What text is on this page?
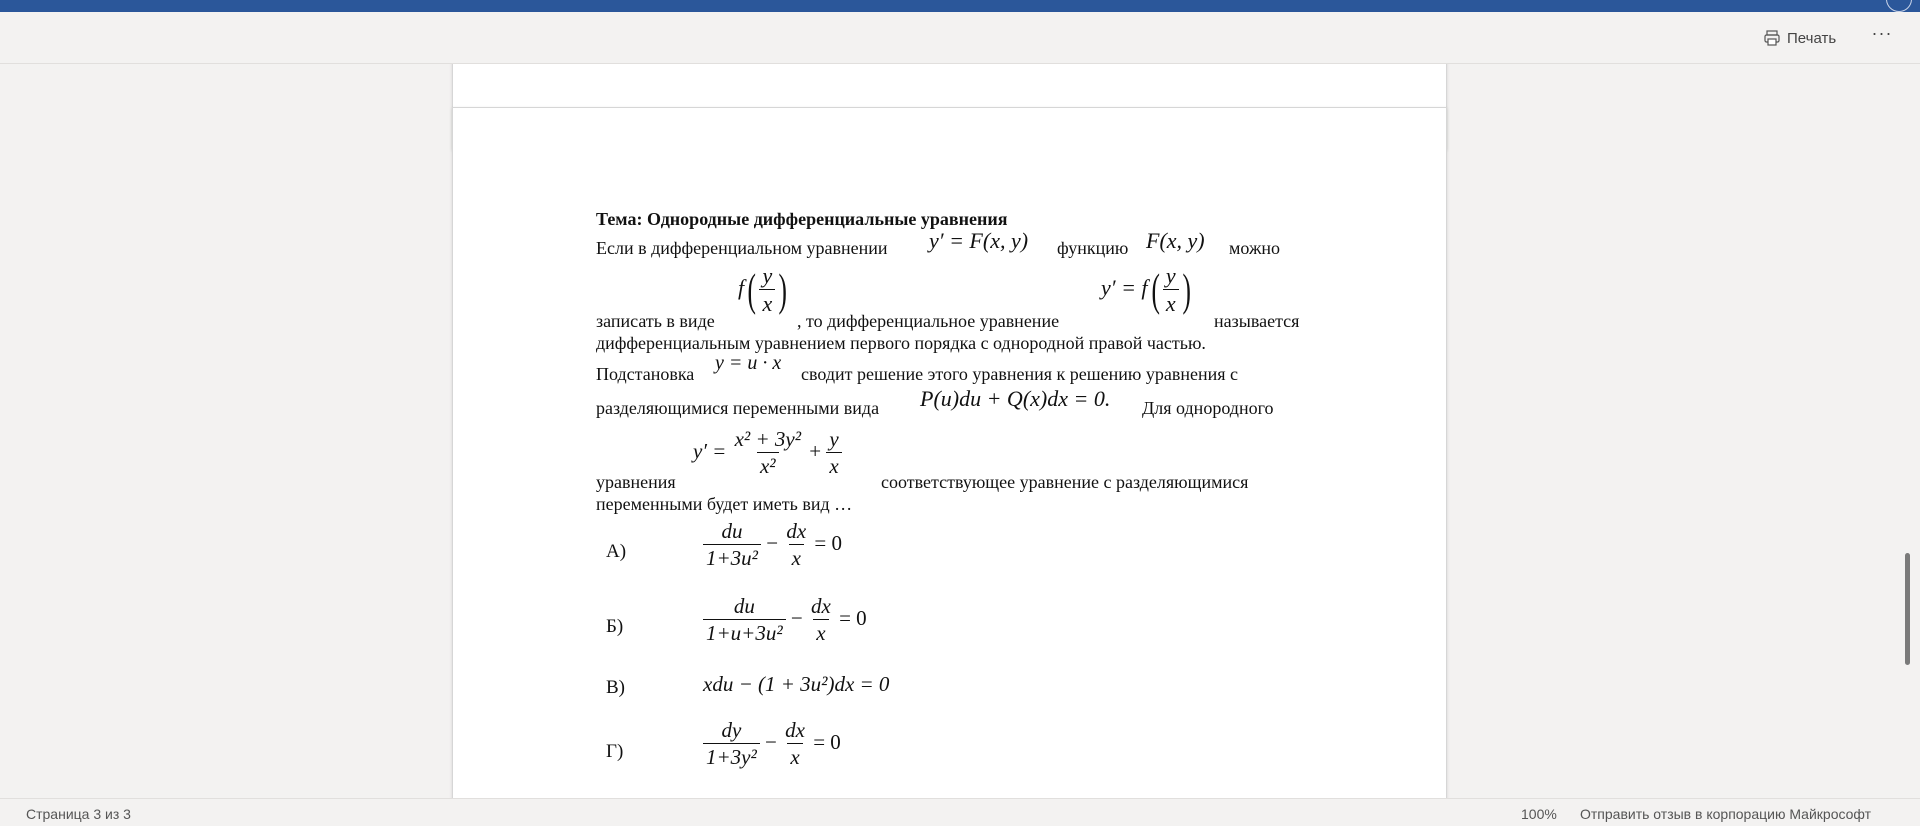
Печать ···
Тема: Однородные дифференциальные уравнения
Если в дифференциальном уравнении y′ = F(x, y) функцию F(x, y) можно
записать в виде
$f( \frac{y}{x}$ )
, то дифференциальное уравнение
$y' = f( \frac{y}{x}$ )
называется
дифференциальным уравнением первого порядка с однородной правой частью.
Подстановка y = u · x сводит решение этого уравнения к решению уравнения с
разделяющимися переменными вида P(u)du + Q(x)dx = 0. Для однородного
уравнения
$y' = \frac{\text{x² + 3y²}}{\text{x²}} + \frac{y}{x}$
соответствующее уравнение с разделяющимися
переменными будет иметь вид …
А)	$\frac{du}{\text{1+3u²}} - \frac{dx}{x} = 0$
Б)	$\frac{du}{\text{1+u+3u²}} - \frac{dx}{x} = 0$
В)	xdu − (1 + 3u²)dx = 0
Г)	$\frac{dy}{\text{1+3y²}} - \frac{dx}{x} = 0$
Страница 3 из 3	100% Отправить отзыв в корпорацию Майкрософт
